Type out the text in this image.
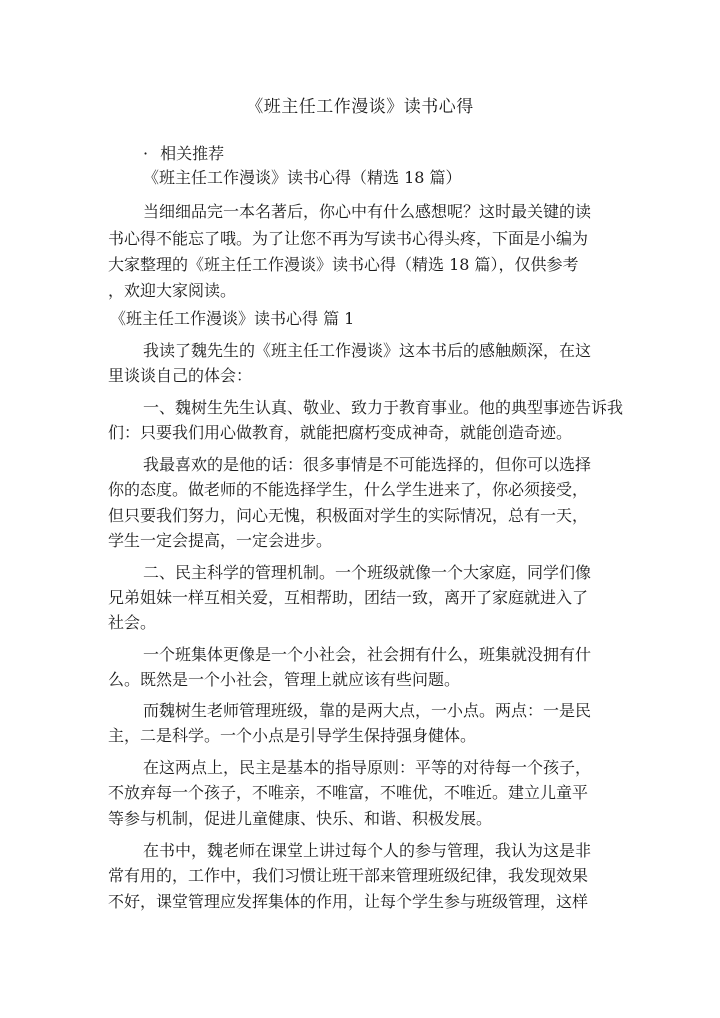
《班主任工作漫谈》读书心得
· 相关推荐
《班主任工作漫谈》读书心得（精选 18 篇）
当细细品完一本名著后，你心中有什么感想呢？这时最关键的读
书心得不能忘了哦。为了让您不再为写读书心得头疼，下面是小编为
大家整理的《班主任工作漫谈》读书心得（精选 18 篇），仅供参考
，欢迎大家阅读。
《班主任工作漫谈》读书心得 篇 1
我读了魏先生的《班主任工作漫谈》这本书后的感触颇深，在这
里谈谈自己的体会：
一、魏树生先生认真、敬业、致力于教育事业。他的典型事迹告诉我
们：只要我们用心做教育，就能把腐朽变成神奇，就能创造奇迹。
我最喜欢的是他的话：很多事情是不可能选择的，但你可以选择
你的态度。做老师的不能选择学生，什么学生进来了，你必须接受，
但只要我们努力，问心无愧，积极面对学生的实际情况，总有一天，
学生一定会提高，一定会进步。
二、民主科学的管理机制。一个班级就像一个大家庭，同学们像
兄弟姐妹一样互相关爱，互相帮助，团结一致，离开了家庭就进入了
社会。
一个班集体更像是一个小社会，社会拥有什么，班集就没拥有什
么。既然是一个小社会，管理上就应该有些问题。
而魏树生老师管理班级，靠的是两大点，一小点。两点：一是民
主，二是科学。一个小点是引导学生保持强身健体。
在这两点上，民主是基本的指导原则：平等的对待每一个孩子，
不放弃每一个孩子，不唯亲，不唯富，不唯优，不唯近。建立儿童平
等参与机制，促进儿童健康、快乐、和谐、积极发展。
在书中，魏老师在课堂上讲过每个人的参与管理，我认为这是非
常有用的，工作中，我们习惯让班干部来管理班级纪律，我发现效果
不好，课堂管理应发挥集体的作用，让每个学生参与班级管理，这样
